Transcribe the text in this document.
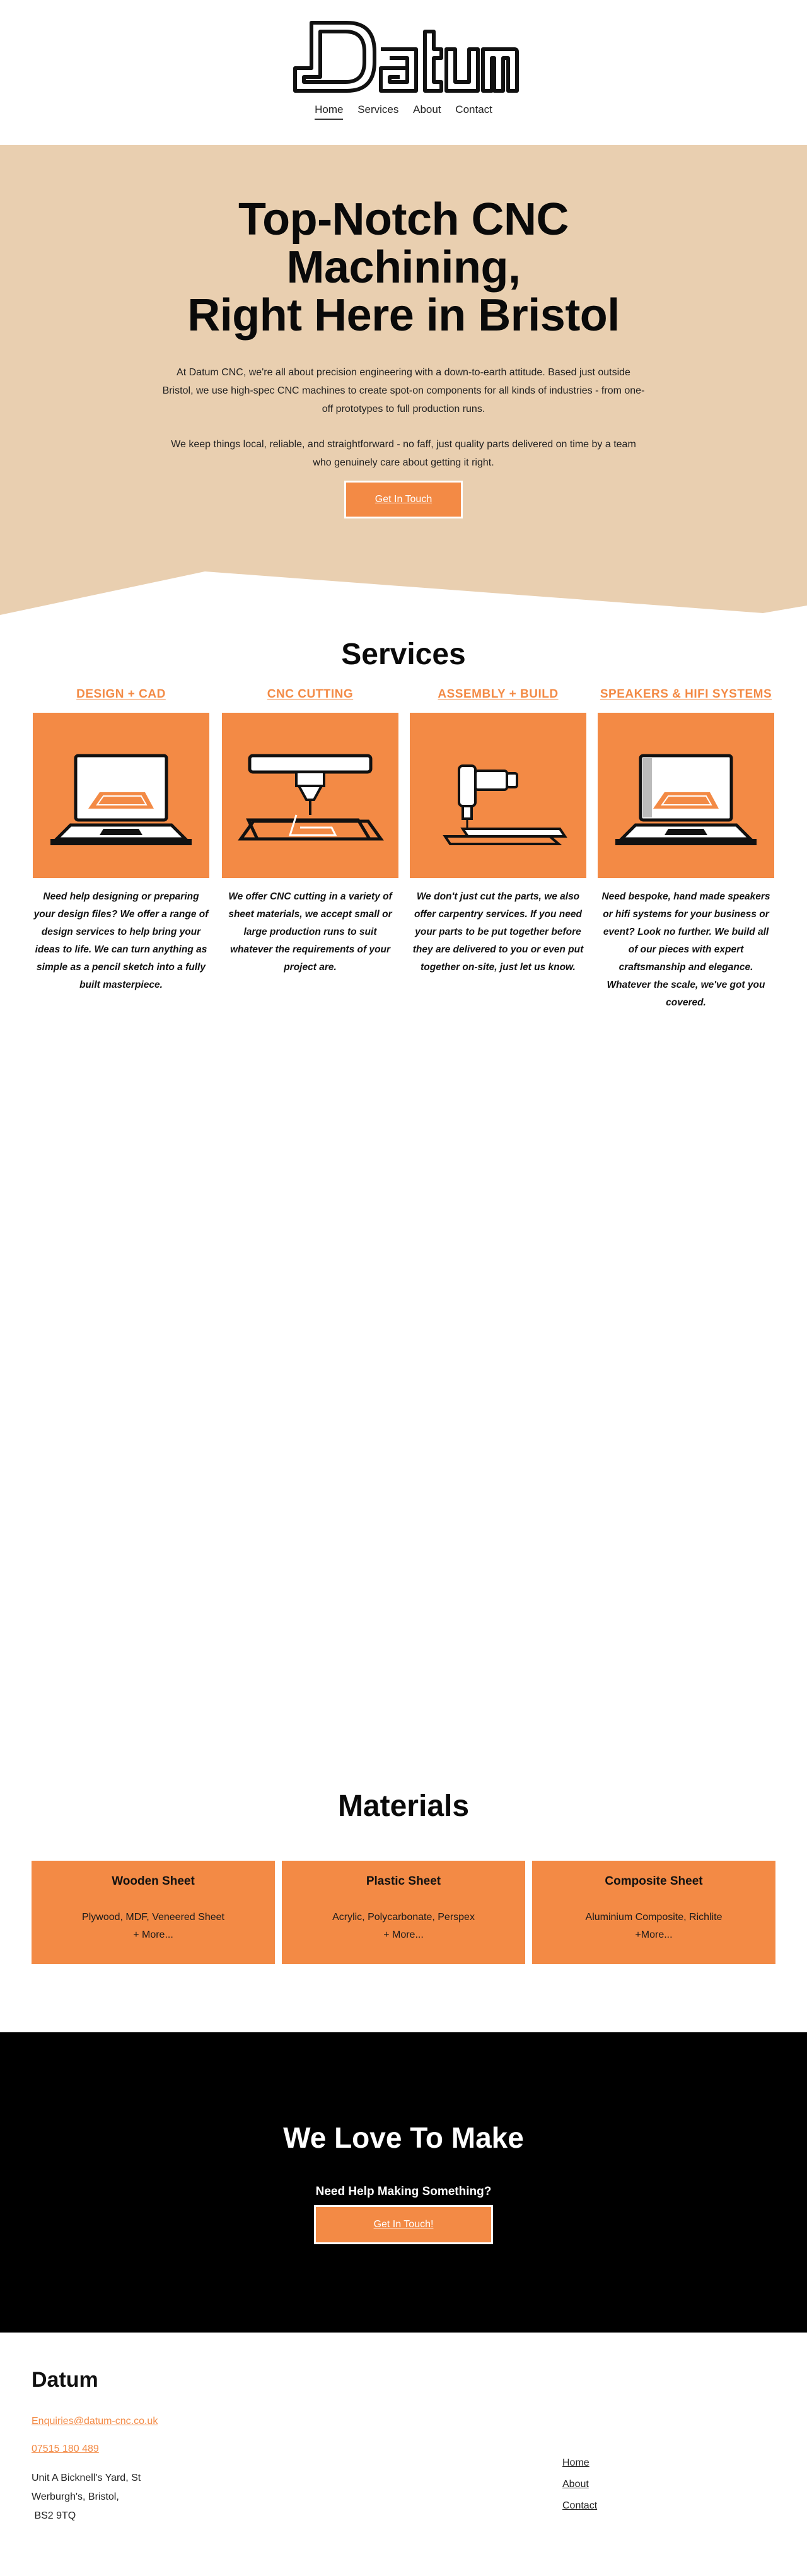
Home Services About Contact
Top-Notch CNC
Machining,
Right Here in Bristol

At Datum CNC, we're all about precision engineering with a down-to-earth attitude. Based just outside Bristol, we use high-spec CNC machines to create spot-on components for all kinds of industries - from one-off prototypes to full production runs.

We keep things local, reliable, and straightforward - no faff, just quality parts delivered on time by a team who genuinely care about getting it right.

Get In Touch
Services
DESIGN + CAD

Need help designing or preparing your design files? We offer a range of design services to help bring your ideas to life. We can turn anything as simple as a pencil sketch into a fully built masterpiece.

CNC CUTTING

We offer CNC cutting in a variety of sheet materials, we accept small or large production runs to suit whatever the requirements of your project are.

ASSEMBLY + BUILD

We don't just cut the parts, we also offer carpentry services. If you need your parts to be put together before they are delivered to you or even put together on-site, just let us know.

SPEAKERS & HIFI SYSTEMS

Need bespoke, hand made speakers or hifi systems for your business or event? Look no further. We build all of our pieces with expert craftsmanship and elegance. Whatever the scale, we've got you covered.

Materials
Wooden Sheet
Plywood, MDF, Veneered Sheet
+ More...
Plastic Sheet
Acrylic, Polycarbonate, Perspex
+ More...
Composite Sheet
Aluminium Composite, Richlite
+More...
We Love To Make
Need Help Making Something?
Get In Touch!
Datum
Enquiries@datum-cnc.co.uk
07515 180 489
Unit A Bicknell's Yard, St
Werburgh's, Bristol,
BS2 9TQ
Home
About
Contact
